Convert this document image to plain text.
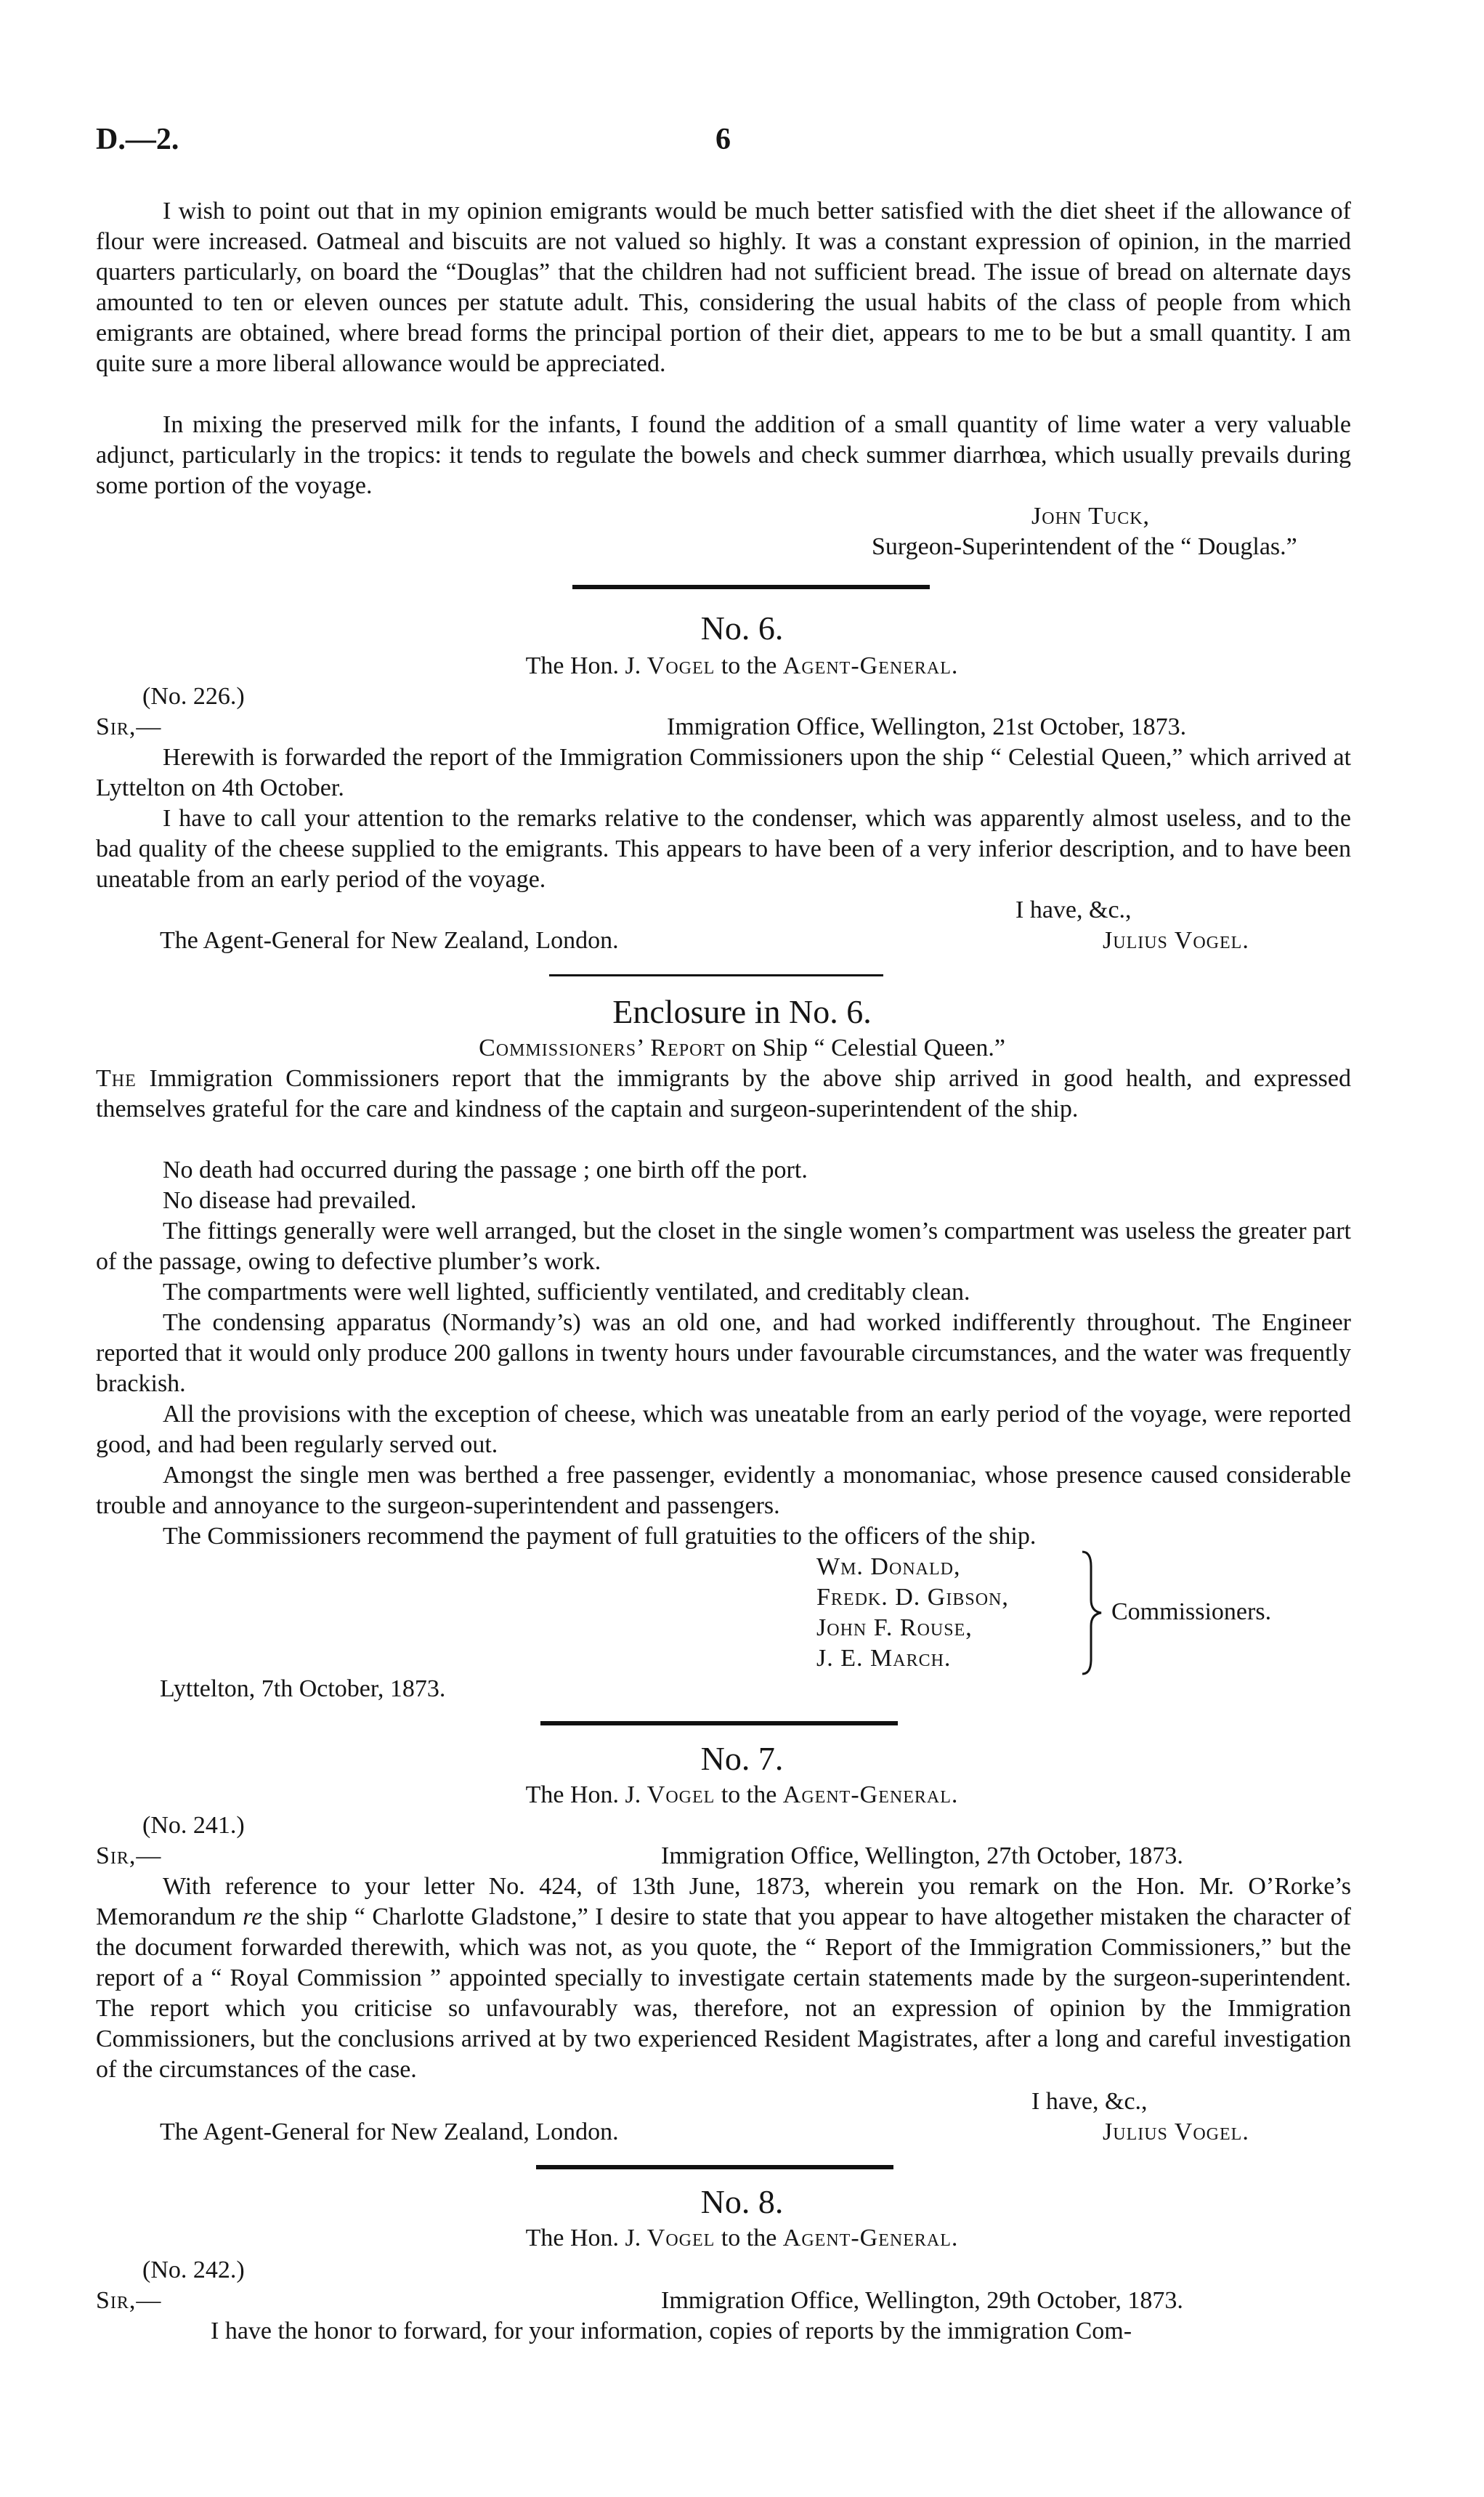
D.—2.	6

I wish to point out that in my opinion emigrants would be much better satisfied with the diet sheet if the allowance of flour were increased. Oatmeal and biscuits are not valued so highly. It was a constant expression of opinion, in the married quarters particularly, on board the “Douglas” that the children had not sufficient bread. The issue of bread on alternate days amounted to ten or eleven ounces per statute adult. This, considering the usual habits of the class of people from which emigrants are obtained, where bread forms the principal portion of their diet, appears to me to be but a small quantity. I am quite sure a more liberal allowance would be appreciated.

In mixing the preserved milk for the infants, I found the addition of a small quantity of lime water a very valuable adjunct, particularly in the tropics: it tends to regulate the bowels and check summer diarrhœa, which usually prevails during some portion of the voyage.

John Tuck,
Surgeon-Superintendent of the “ Douglas.”
No. 6.
The Hon. J. Vogel to the Agent-General.
(No. 226.)
Sir,—	Immigration Office, Wellington, 21st October, 1873.

Herewith is forwarded the report of the Immigration Commissioners upon the ship “ Celestial Queen,” which arrived at Lyttelton on 4th October.

I have to call your attention to the remarks relative to the condenser, which was apparently almost useless, and to the bad quality of the cheese supplied to the emigrants. This appears to have been of a very inferior description, and to have been uneatable from an early period of the voyage.

I have, &c.,
The Agent-General for New Zealand, London.	Julius Vogel.
Enclosure in No. 6.
Commissioners’ Report on Ship “ Celestial Queen.”

The Immigration Commissioners report that the immigrants by the above ship arrived in good health, and expressed themselves grateful for the care and kindness of the captain and surgeon-superintendent of the ship.

No death had occurred during the passage ; one birth off the port.

No disease had prevailed.

The fittings generally were well arranged, but the closet in the single women’s compartment was useless the greater part of the passage, owing to defective plumber’s work.

The compartments were well lighted, sufficiently ventilated, and creditably clean.

The condensing apparatus (Normandy’s) was an old one, and had worked indifferently throughout. The Engineer reported that it would only produce 200 gallons in twenty hours under favourable circumstances, and the water was frequently brackish.

All the provisions with the exception of cheese, which was uneatable from an early period of the voyage, were reported good, and had been regularly served out.

Amongst the single men was berthed a free passenger, evidently a monomaniac, whose presence caused considerable trouble and annoyance to the surgeon-superintendent and passengers.

The Commissioners recommend the payment of full gratuities to the officers of the ship.

Wm. Donald,
Fredk. D. Gibson,
John F. Rouse,
J. E. March.
Commissioners.
Lyttelton, 7th October, 1873.
No. 7.
The Hon. J. Vogel to the Agent-General.
(No. 241.)
Sir,—	Immigration Office, Wellington, 27th October, 1873.

With reference to your letter No. 424, of 13th June, 1873, wherein you remark on the Hon. Mr. O’Rorke’s Memorandum re the ship “ Charlotte Gladstone,” I desire to state that you appear to have altogether mistaken the character of the document forwarded therewith, which was not, as you quote, the “ Report of the Immigration Commissioners,” but the report of a “ Royal Commission ” appointed specially to investigate certain statements made by the surgeon-superintendent. The report which you criticise so unfavourably was, therefore, not an expression of opinion by the Immigration Commissioners, but the conclusions arrived at by two experienced Resident Magistrates, after a long and careful investigation of the circumstances of the case.

I have, &c.,
The Agent-General for New Zealand, London.	Julius Vogel.
No. 8.
The Hon. J. Vogel to the Agent-General.
(No. 242.)
Sir,—	Immigration Office, Wellington, 29th October, 1873.
I have the honor to forward, for your information, copies of reports by the immigration Com-
